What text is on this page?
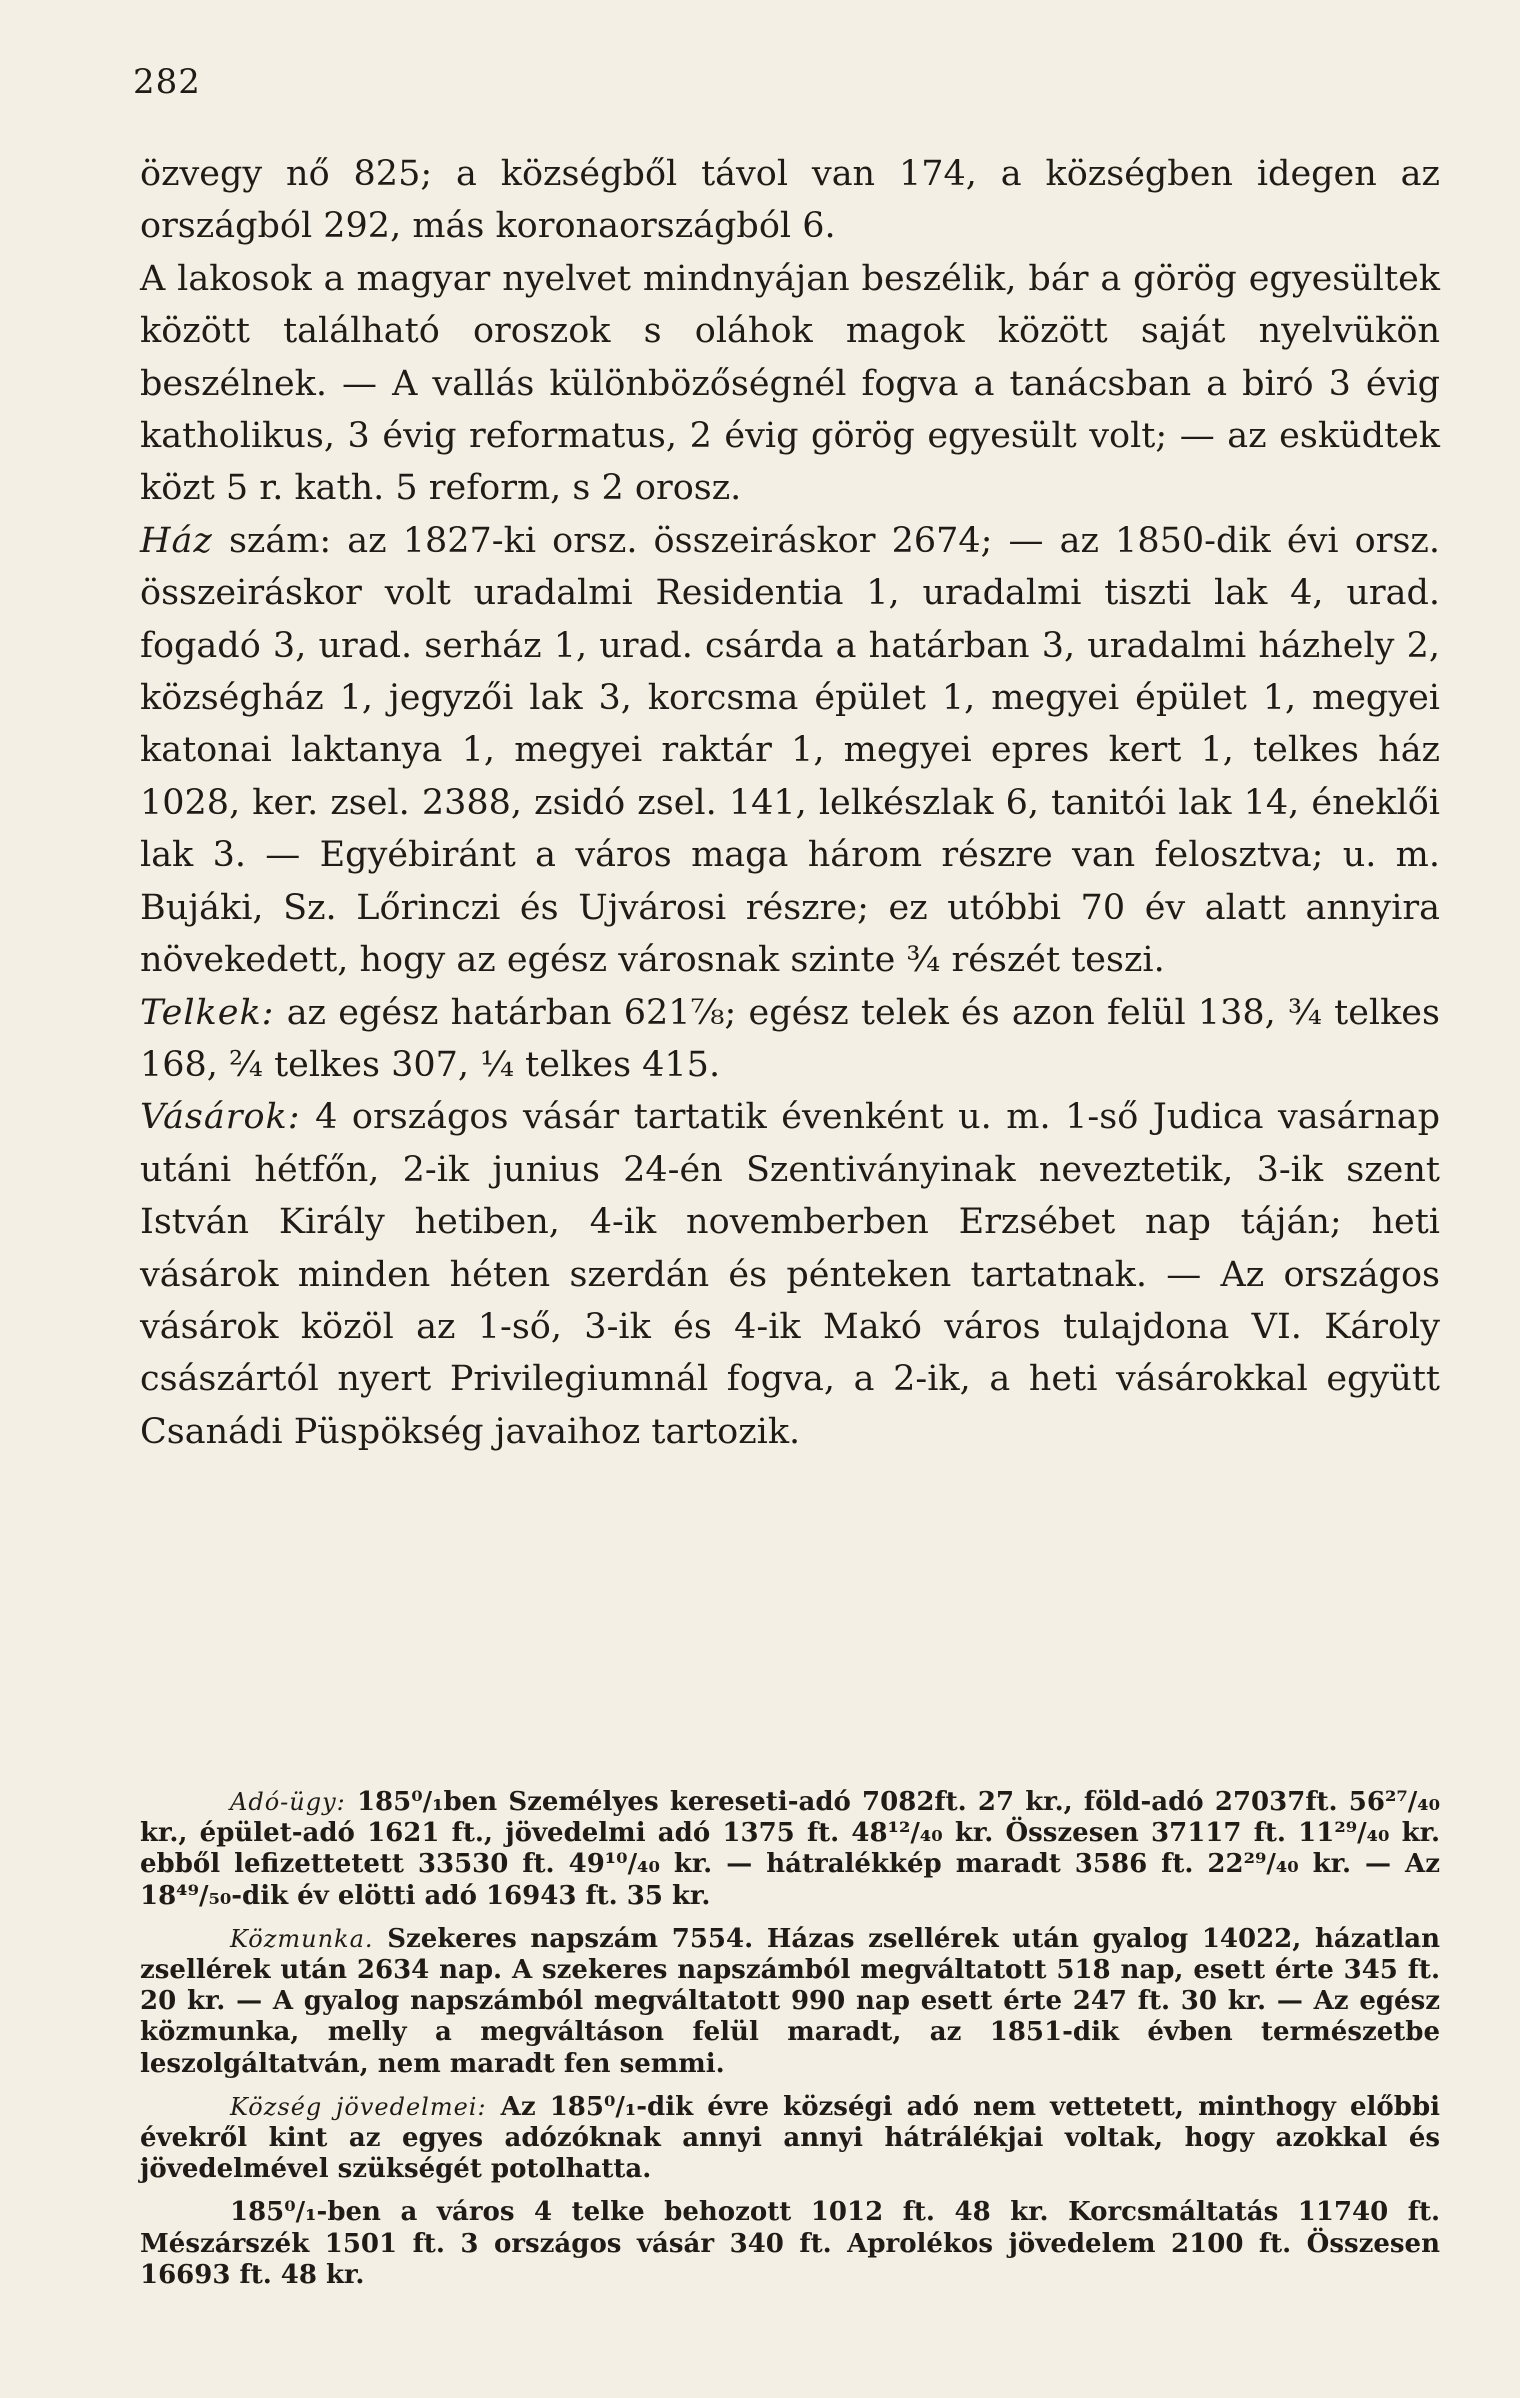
282

özvegy nő 825; a községből távol van 174, a községben idegen az országból 292, más koronaországból 6.

A lakosok a magyar nyelvet mindnyájan beszélik, bár a görög egyesültek között található oroszok s oláhok magok között saját nyelvükön beszélnek. — A vallás különbözőségnél fogva a tanácsban a biró 3 évig katholikus, 3 évig reformatus, 2 évig görög egyesült volt; — az esküdtek közt 5 r. kath. 5 reform, s 2 orosz.

Ház szám: az 1827-ki orsz. összeiráskor 2674; — az 1850-dik évi orsz. összeiráskor volt uradalmi Residentia 1, uradalmi tiszti lak 4, urad. fogadó 3, urad. serház 1, urad. csárda a határban 3, uradalmi házhely 2, községház 1, jegyzői lak 3, korcsma épület 1, megyei épület 1, megyei katonai laktanya 1, megyei raktár 1, megyei epres kert 1, telkes ház 1028, ker. zsel. 2388, zsidó zsel. 141, lelkészlak 6, tanitói lak 14, éneklői lak 3. — Egyébiránt a város maga három részre van felosztva; u. m. Bujáki, Sz. Lőrinczi és Ujvárosi részre; ez utóbbi 70 év alatt annyira növekedett, hogy az egész városnak szinte ¾ részét teszi.

Telkek: az egész határban 621⅞; egész telek és azon felül 138, ¾ telkes 168, ²⁄₄ telkes 307, ¼ telkes 415.

Vásárok: 4 országos vásár tartatik évenként u. m. 1-ső Judica vasárnap utáni hétfőn, 2-ik junius 24-én Szentiványinak neveztetik, 3-ik szent István Király hetiben, 4-ik novemberben Erzsébet nap táján; heti vásárok minden héten szerdán és pénteken tartatnak. — Az országos vásárok közöl az 1-ső, 3-ik és 4-ik Makó város tulajdona VI. Károly császártól nyert Privilegiumnál fogva, a 2-ik, a heti vásárokkal együtt Csanádi Püspökség javaihoz tartozik.

Adó-ügy: 185⁰/₁ben Személyes kereseti-adó 7082ft. 27 kr., föld-adó 27037ft. 56²⁷/₄₀ kr., épület-adó 1621 ft., jövedelmi adó 1375 ft. 48¹²/₄₀ kr. Összesen 37117 ft. 11²⁹/₄₀ kr. ebből lefizettetett 33530 ft. 49¹⁰/₄₀ kr. — hátralékkép maradt 3586 ft. 22²⁹/₄₀ kr. — Az 18⁴⁹/₅₀-dik év elötti adó 16943 ft. 35 kr.

Közmunka. Szekeres napszám 7554. Házas zsellérek után gyalog 14022, házatlan zsellérek után 2634 nap. A szekeres napszámból megváltatott 518 nap, esett érte 345 ft. 20 kr. — A gyalog napszámból megváltatott 990 nap esett érte 247 ft. 30 kr. — Az egész közmunka, melly a megváltáson felül maradt, az 1851-dik évben természetbe leszolgáltatván, nem maradt fen semmi.

Község jövedelmei: Az 185⁰/₁-dik évre községi adó nem vettetett, minthogy előbbi évekről kint az egyes adózóknak annyi annyi hátrálékjai voltak, hogy azokkal és jövedelmével szükségét potolhatta.

185⁰/₁-ben a város 4 telke behozott 1012 ft. 48 kr. Korcsmáltatás 11740 ft. Mészárszék 1501 ft. 3 országos vásár 340 ft. Aprolékos jövedelem 2100 ft. Összesen 16693 ft. 48 kr.
